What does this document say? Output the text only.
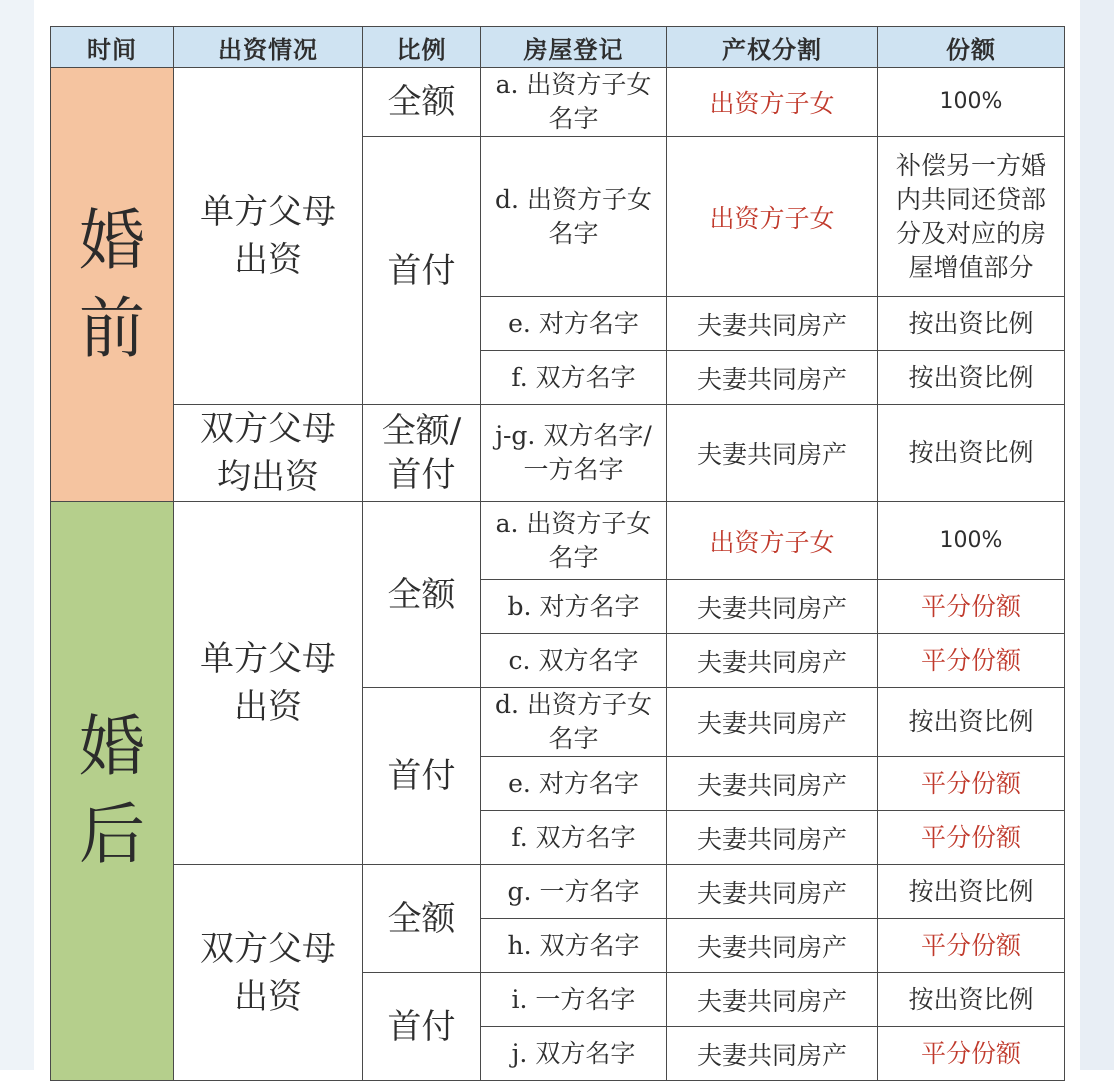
时间	出资情况	比例	房屋登记	产权分割	份额

婚前	单方父母出资	全额	a. 出资方子女名字	出资方子女	100%
		首付	d. 出资方子女名字	出资方子女	补偿另一方婚内共同还贷部分及对应的房屋增值部分

			e. 对方名字	夫妻共同房产	按出资比例
			f. 双方名字	夫妻共同房产	按出资比例

	双方父母均出资	全额/首付	j-g. 双方名字/一方名字	夫妻共同房产	按出资比例

婚后	单方父母出资	全额	a. 出资方子女名字	出资方子女	100%
			b. 对方名字	夫妻共同房产	平分份额
			c. 双方名字	夫妻共同房产	平分份额
		首付	d. 出资方子女名字	夫妻共同房产	按出资比例
			e. 对方名字	夫妻共同房产	平分份额
			f. 双方名字	夫妻共同房产	平分份额

	双方父母出资	全额	g. 一方名字	夫妻共同房产	按出资比例
			h. 双方名字	夫妻共同房产	平分份额
		首付	i. 一方名字	夫妻共同房产	按出资比例
			j. 双方名字	夫妻共同房产	平分份额
